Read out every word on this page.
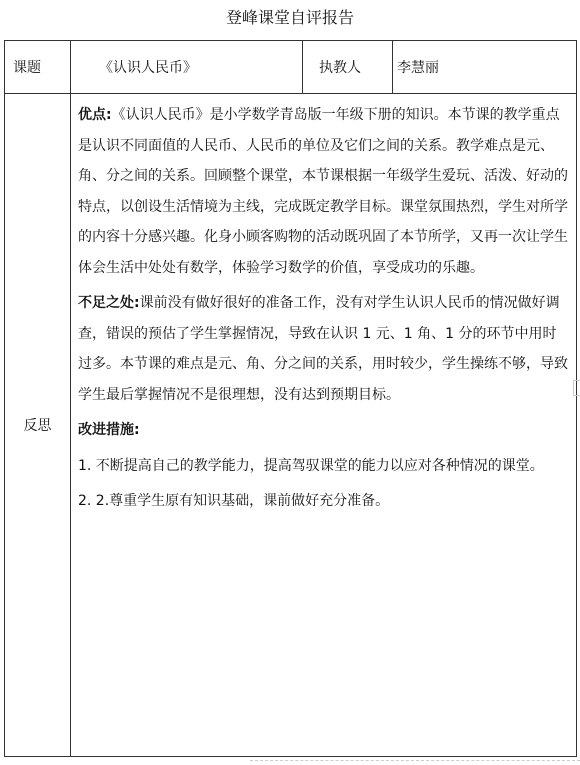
登峰课堂自评报告
课题	《认识人民币》	执教人	李慧丽
反思	优点:《认识人民币》是小学数学青岛版一年级下册的知识。本节课的教学重点是认识不同面值的人民币、人民币的单位及它们之间的关系。教学难点是元、角、分之间的关系。回顾整个课堂，本节课根据一年级学生爱玩、活泼、好动的特点，以创设生活情境为主线，完成既定教学目标。课堂氛围热烈，学生对所学的内容十分感兴趣。化身小顾客购物的活动既巩固了本节所学，又再一次让学生体会生活中处处有数学，体验学习数学的价值，享受成功的乐趣。

不足之处:课前没有做好很好的准备工作，没有对学生认识人民币的情况做好调查，错误的预估了学生掌握情况，导致在认识 1 元、1 角、1 分的环节中用时过多。本节课的难点是元、角、分之间的关系，用时较少，学生操练不够，导致学生最后掌握情况不是很理想，没有达到预期目标。

改进措施:

1. 不断提高自己的教学能力，提高驾驭课堂的能力以应对各种情况的课堂。

2. 2.尊重学生原有知识基础，课前做好充分准备。		
